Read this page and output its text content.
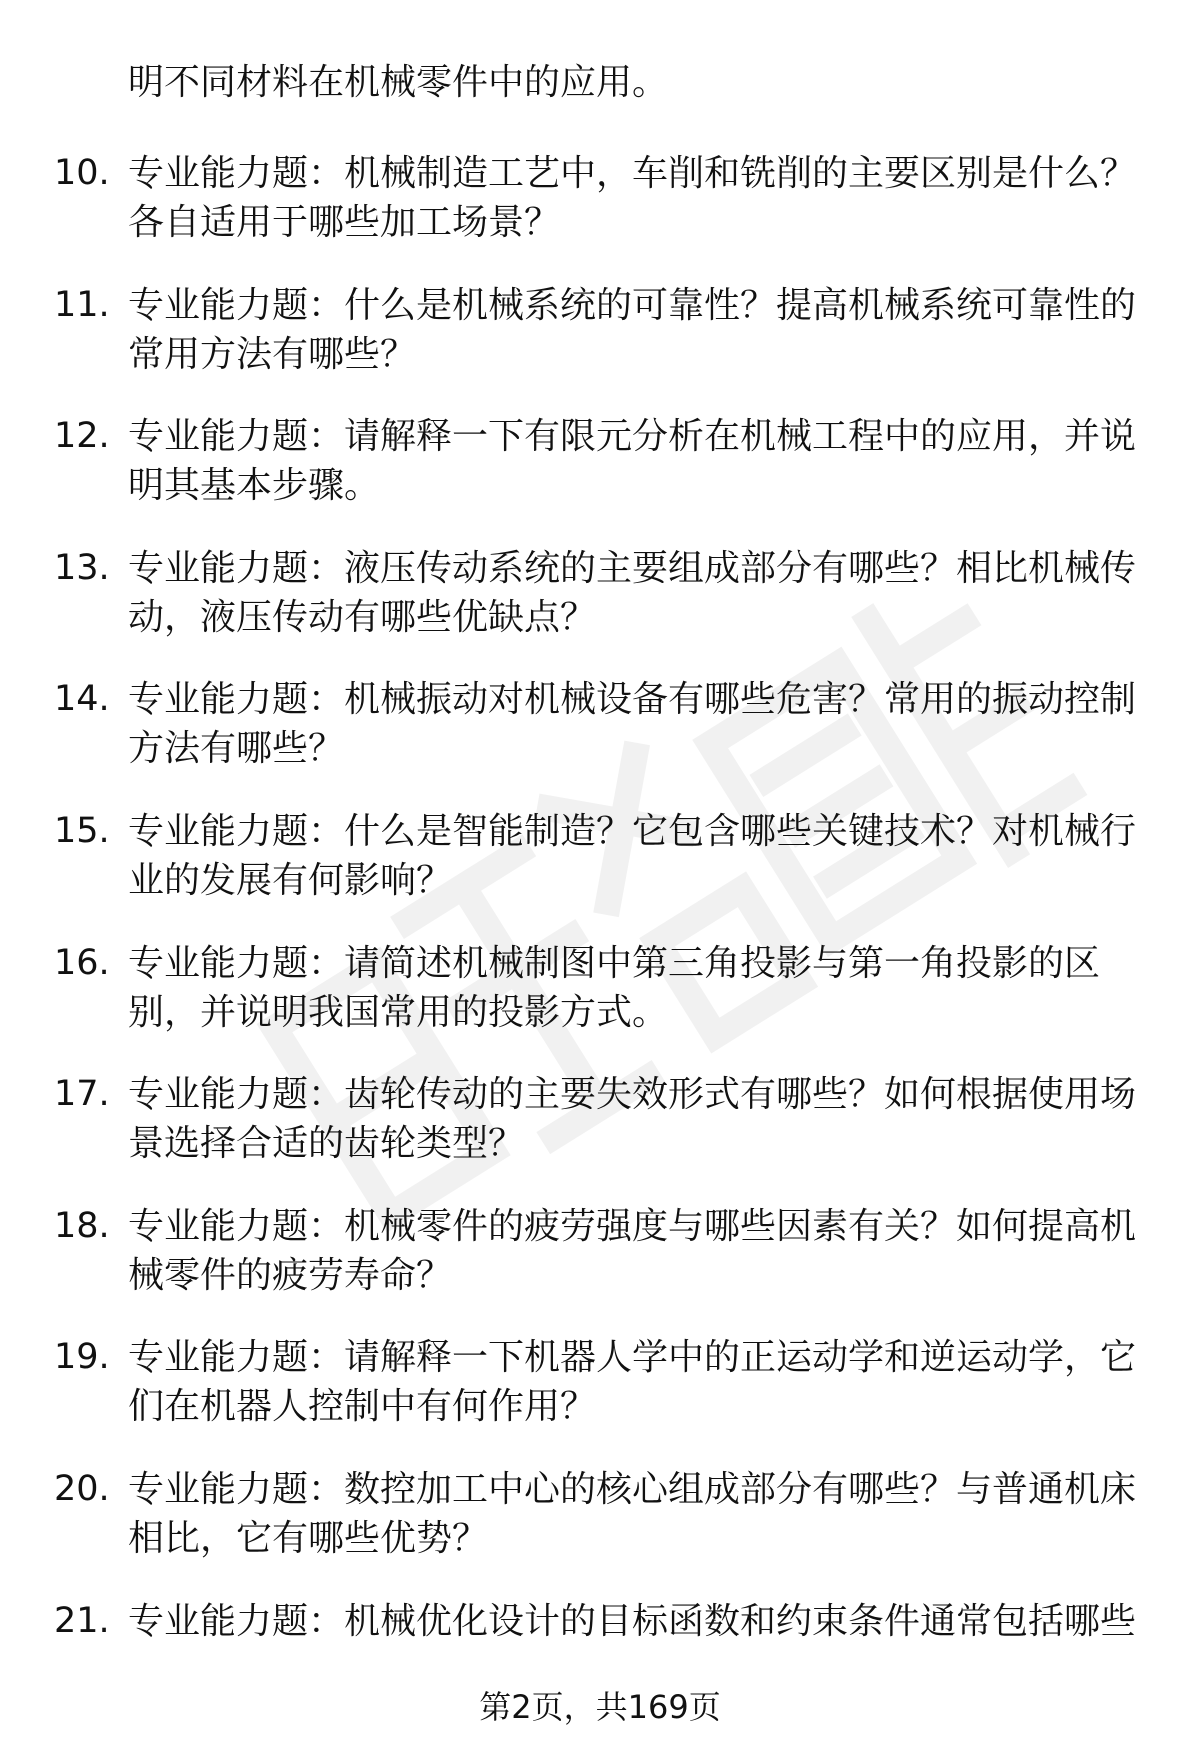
明不同材料在机械零件中的应用。
10. 专业能力题：机械制造工艺中，车削和铣削的主要区别是什么？
各自适用于哪些加工场景？
11. 专业能力题：什么是机械系统的可靠性？提高机械系统可靠性的
常用方法有哪些？
12. 专业能力题：请解释一下有限元分析在机械工程中的应用，并说
明其基本步骤。
13. 专业能力题：液压传动系统的主要组成部分有哪些？相比机械传
动，液压传动有哪些优缺点？
14. 专业能力题：机械振动对机械设备有哪些危害？常用的振动控制
方法有哪些？
15. 专业能力题：什么是智能制造？它包含哪些关键技术？对机械行
业的发展有何影响？
16. 专业能力题：请简述机械制图中第三角投影与第一角投影的区
别，并说明我国常用的投影方式。
17. 专业能力题：齿轮传动的主要失效形式有哪些？如何根据使用场
景选择合适的齿轮类型？
18. 专业能力题：机械零件的疲劳强度与哪些因素有关？如何提高机
械零件的疲劳寿命？
19. 专业能力题：请解释一下机器人学中的正运动学和逆运动学，它
们在机器人控制中有何作用？
20. 专业能力题：数控加工中心的核心组成部分有哪些？与普通机床
相比，它有哪些优势？
21. 专业能力题：机械优化设计的目标函数和约束条件通常包括哪些
第2页，共169页
